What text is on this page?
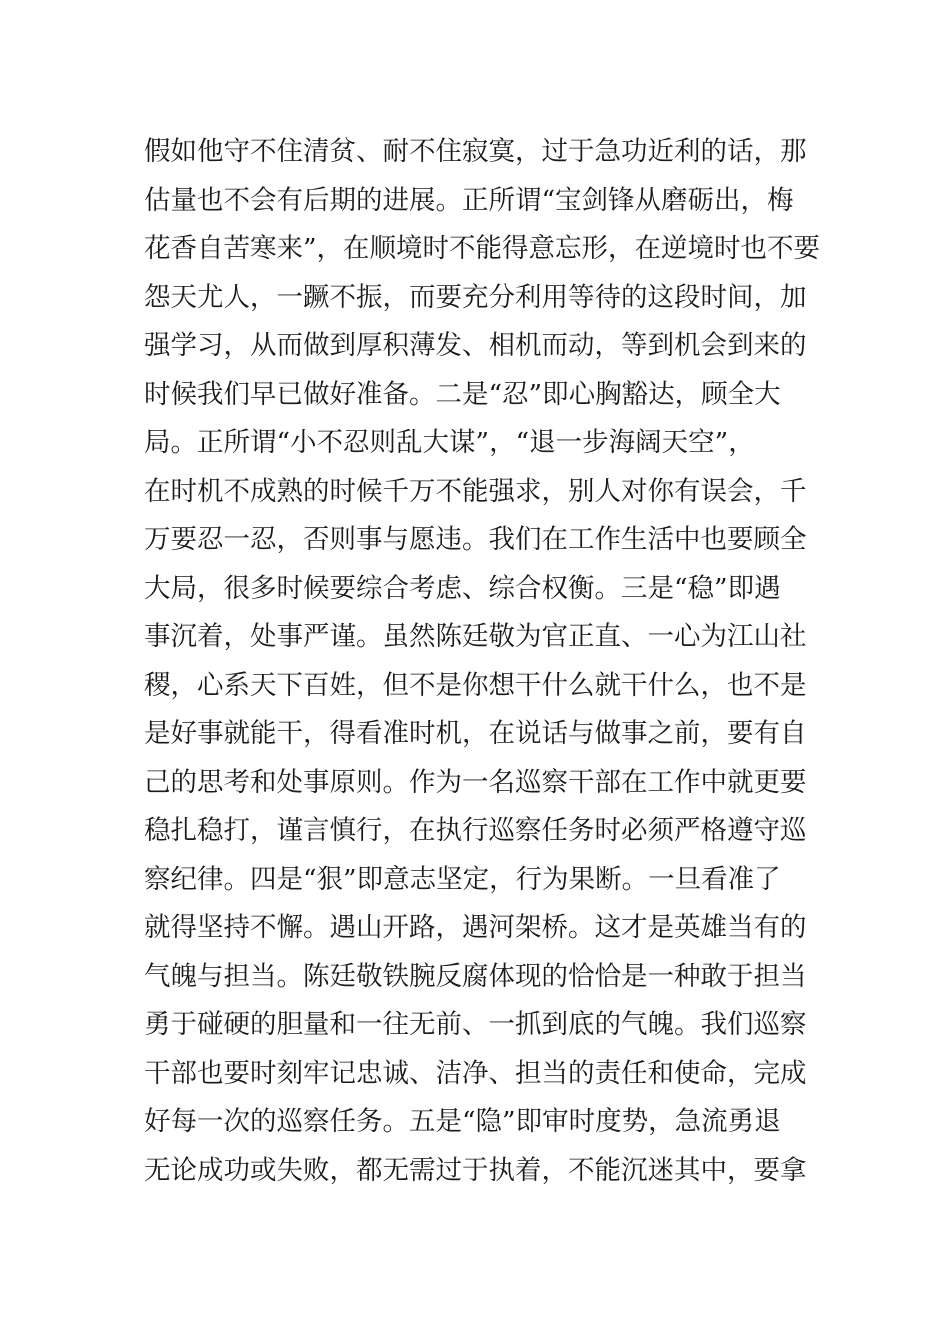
假如他守不住清贫、耐不住寂寞，过于急功近利的话，那
估量也不会有后期的进展。正所谓“宝剑锋从磨砺出，梅
花香自苦寒来”，在顺境时不能得意忘形，在逆境时也不要
怨天尤人，一蹶不振，而要充分利用等待的这段时间，加
强学习，从而做到厚积薄发、相机而动，等到机会到来的
时候我们早已做好准备。二是“忍”即心胸豁达，顾全大
局。正所谓“小不忍则乱大谋”，“退一步海阔天空”，
在时机不成熟的时候千万不能强求，别人对你有误会，千
万要忍一忍，否则事与愿违。我们在工作生活中也要顾全
大局，很多时候要综合考虑、综合权衡。三是“稳”即遇
事沉着，处事严谨。虽然陈廷敬为官正直、一心为江山社
稷，心系天下百姓，但不是你想干什么就干什么，也不是
是好事就能干，得看准时机，在说话与做事之前，要有自
己的思考和处事原则。作为一名巡察干部在工作中就更要
稳扎稳打，谨言慎行，在执行巡察任务时必须严格遵守巡
察纪律。四是“狠”即意志坚定，行为果断。一旦看准了
就得坚持不懈。遇山开路，遇河架桥。这才是英雄当有的
气魄与担当。陈廷敬铁腕反腐体现的恰恰是一种敢于担当
勇于碰硬的胆量和一往无前、一抓到底的气魄。我们巡察
干部也要时刻牢记忠诚、洁净、担当的责任和使命，完成
好每一次的巡察任务。五是“隐”即审时度势，急流勇退
无论成功或失败，都无需过于执着，不能沉迷其中，要拿
